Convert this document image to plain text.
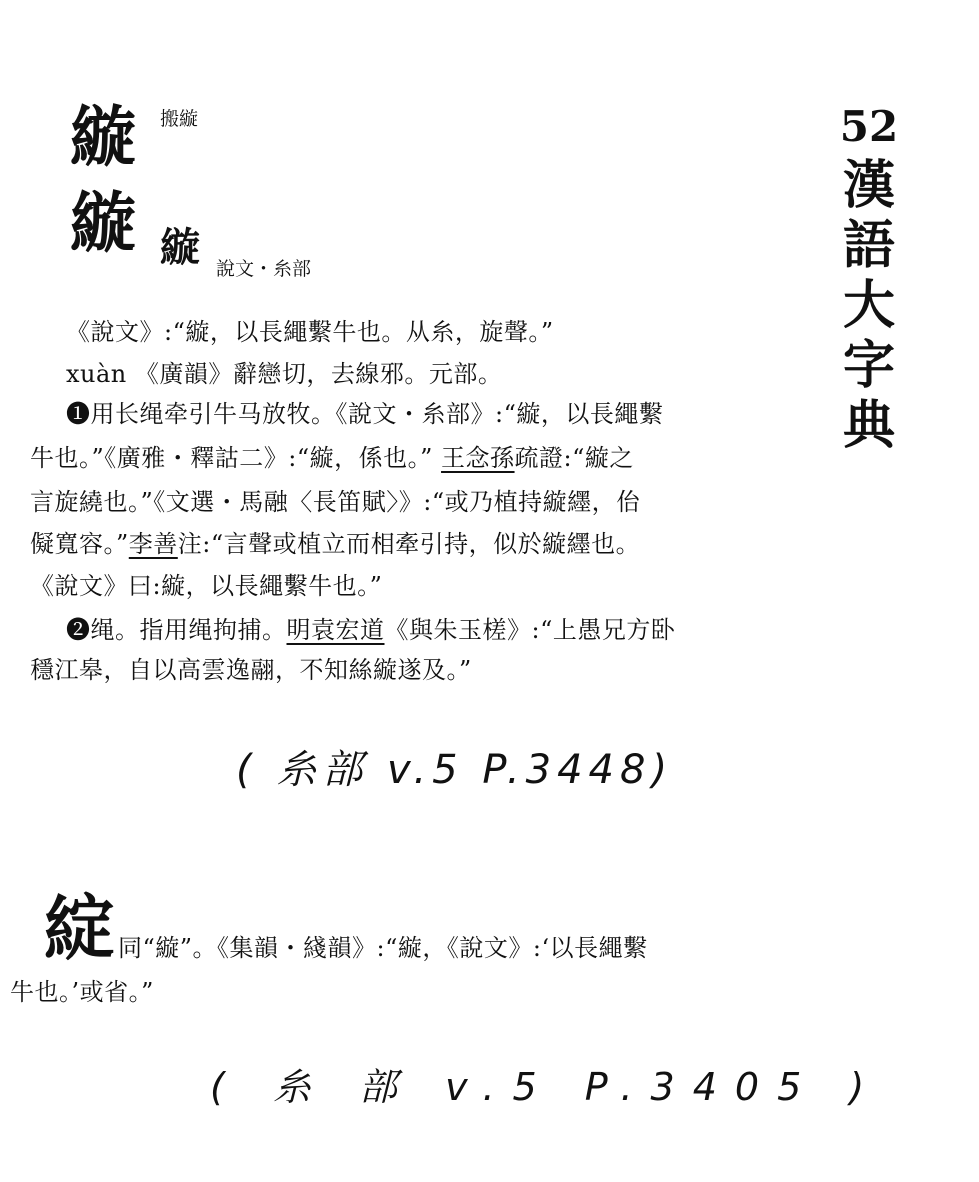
縼 搬縼
縼 縼 說文・糸部
《說文》:“縼，以長繩繫牛也。从糸，旋聲。”
xuàn 《廣韻》辭戀切，去線邪。元部。
❶用长绳牵引牛马放牧。《說文・糸部》:“縼，以長繩繫
牛也。”《廣雅・釋詁二》:“縼，係也。” 王念孫疏證:“縼之
言旋繞也。”《文選・馬融〈長笛賦〉》:“或乃植持縼纆，佁
儗寬容。”李善注:“言聲或植立而相牽引持，似於縼纆也。
《說文》曰:縼，以長繩繫牛也。”
❷绳。指用绳拘捕。明袁宏道《與朱玉槎》:“上愚兄方卧
穩江皋，自以高雲逸翮，不知絲縼遂及。”
( 糸部 v.5 P.3448)
綻 同“縼”。《集韻・綫韻》:“縼，《說文》:‘以長繩繫
牛也。’或省。”
( 糸 部 v.5 P.3405 )
52
漢
語
大
字
典
